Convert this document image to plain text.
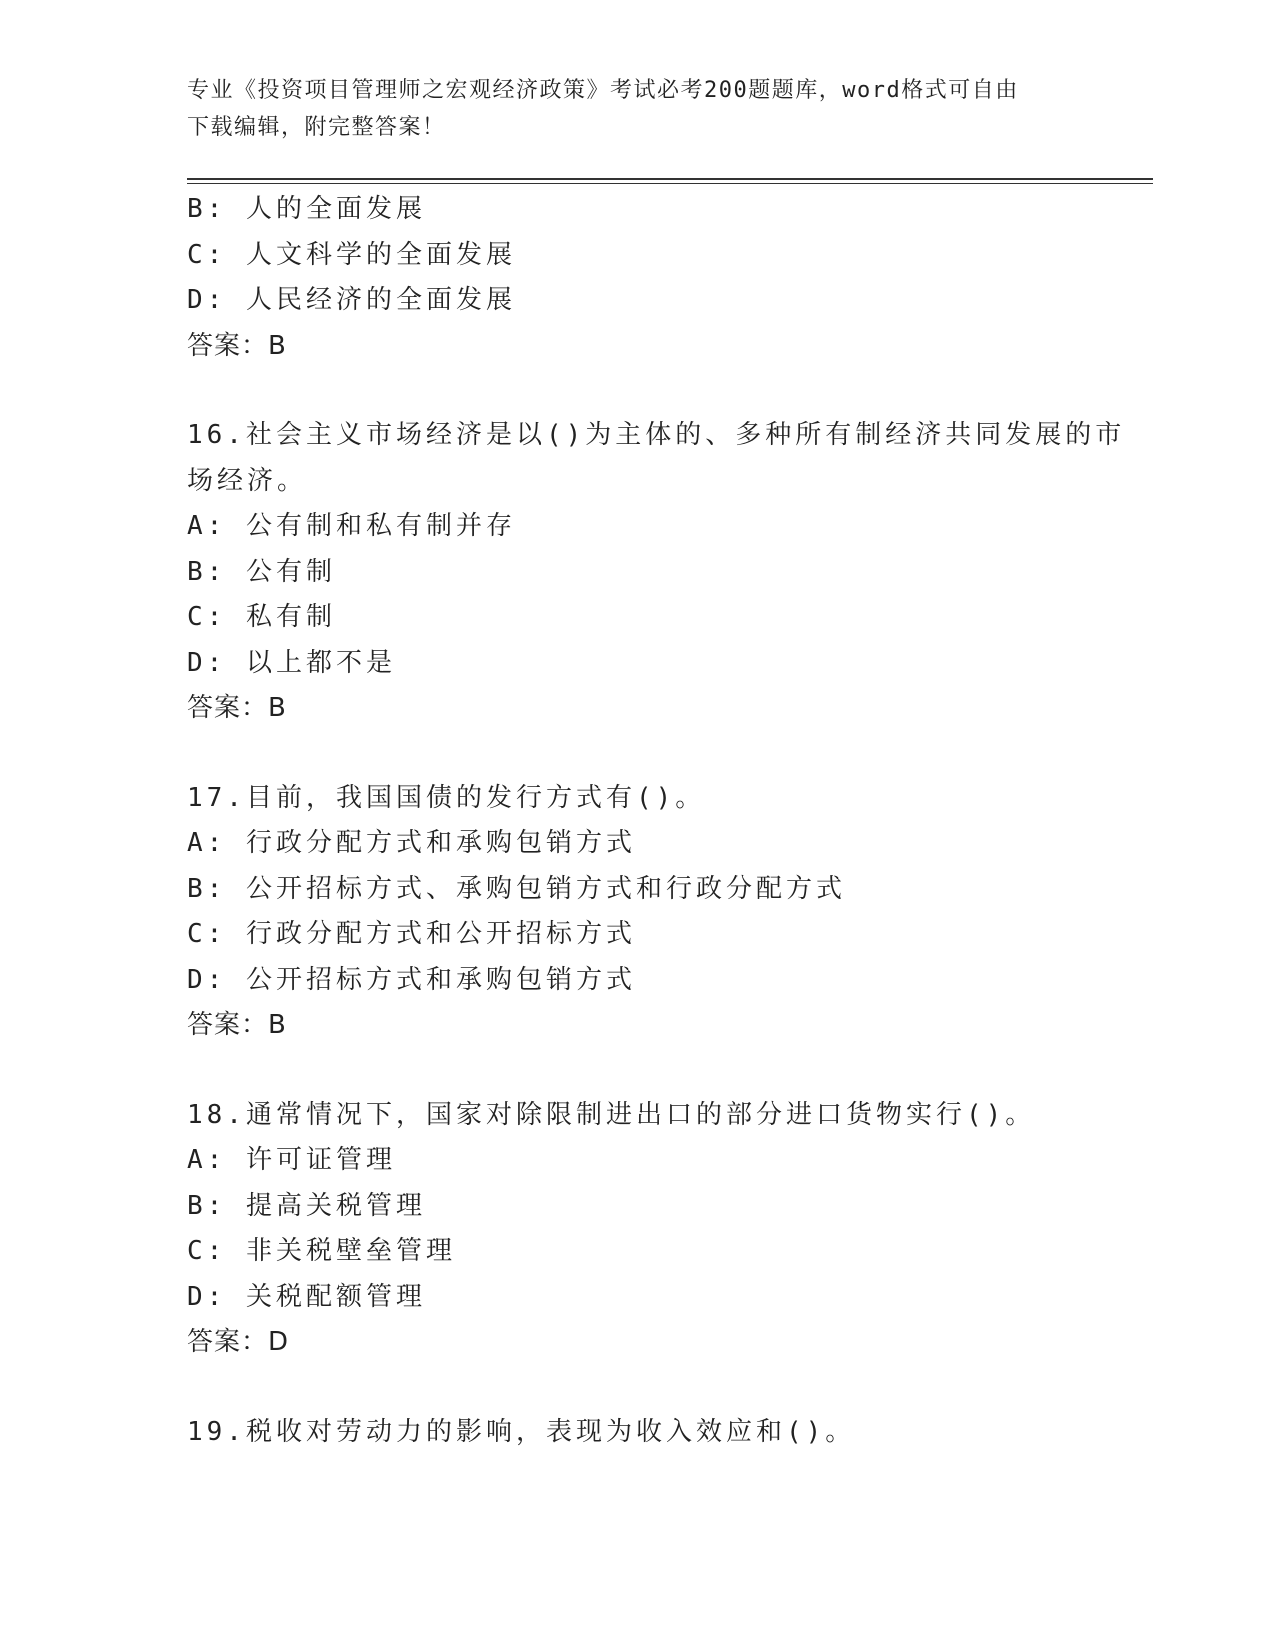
专业《投资项目管理师之宏观经济政策》考试必考200题题库，word格式可自由
下载编辑，附完整答案！
B: 人的全面发展
C: 人文科学的全面发展
D: 人民经济的全面发展
答案：B
16.社会主义市场经济是以()为主体的、多种所有制经济共同发展的市
场经济。
A: 公有制和私有制并存
B: 公有制
C: 私有制
D: 以上都不是
答案：B
17.目前，我国国债的发行方式有()。
A: 行政分配方式和承购包销方式
B: 公开招标方式、承购包销方式和行政分配方式
C: 行政分配方式和公开招标方式
D: 公开招标方式和承购包销方式
答案：B
18.通常情况下，国家对除限制进出口的部分进口货物实行()。
A: 许可证管理
B: 提高关税管理
C: 非关税壁垒管理
D: 关税配额管理
答案：D
19.税收对劳动力的影响，表现为收入效应和()。
